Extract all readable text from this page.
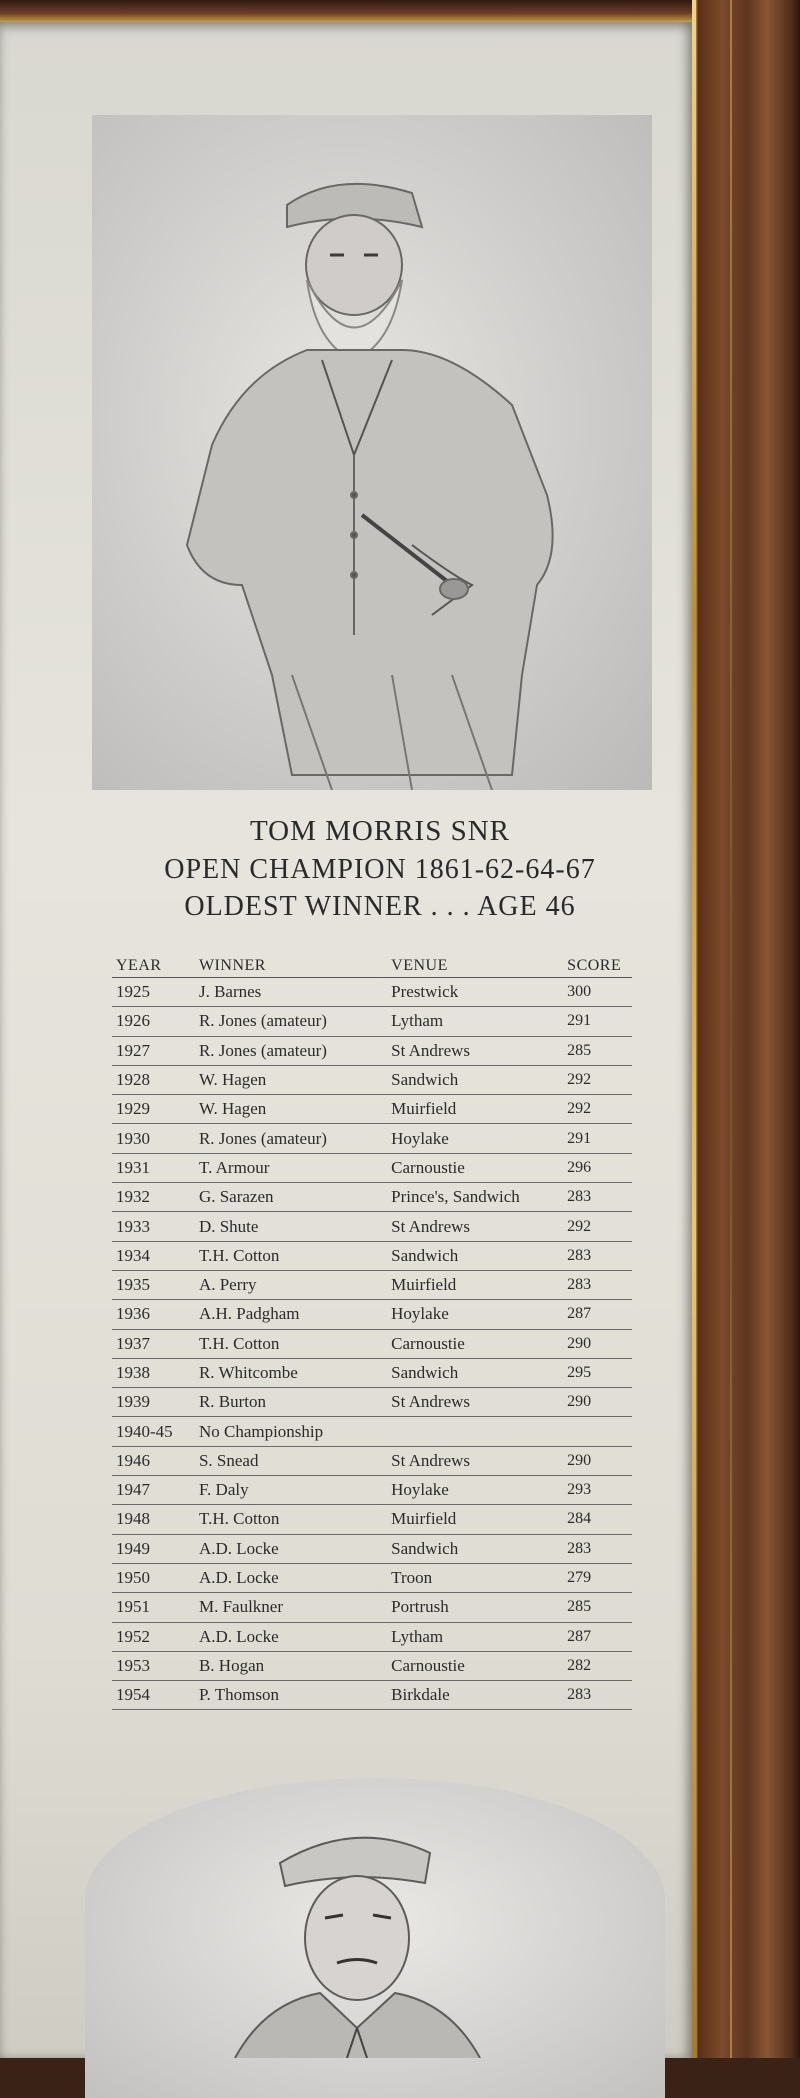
TOM MORRIS SNR
OPEN CHAMPION 1861-62-64-67
OLDEST WINNER . . . AGE 46
YEAR	WINNER	VENUE	SCORE
1925	J. Barnes	Prestwick	300
1926	R. Jones (amateur)	Lytham	291
1927	R. Jones (amateur)	St Andrews	285
1928	W. Hagen	Sandwich	292
1929	W. Hagen	Muirfield	292
1930	R. Jones (amateur)	Hoylake	291
1931	T. Armour	Carnoustie	296
1932	G. Sarazen	Prince's, Sandwich	283
1933	D. Shute	St Andrews	292
1934	T.H. Cotton	Sandwich	283
1935	A. Perry	Muirfield	283
1936	A.H. Padgham	Hoylake	287
1937	T.H. Cotton	Carnoustie	290
1938	R. Whitcombe	Sandwich	295
1939	R. Burton	St Andrews	290
1940-45	No Championship		
1946	S. Snead	St Andrews	290
1947	F. Daly	Hoylake	293
1948	T.H. Cotton	Muirfield	284
1949	A.D. Locke	Sandwich	283
1950	A.D. Locke	Troon	279
1951	M. Faulkner	Portrush	285
1952	A.D. Locke	Lytham	287
1953	B. Hogan	Carnoustie	282
1954	P. Thomson	Birkdale	283
